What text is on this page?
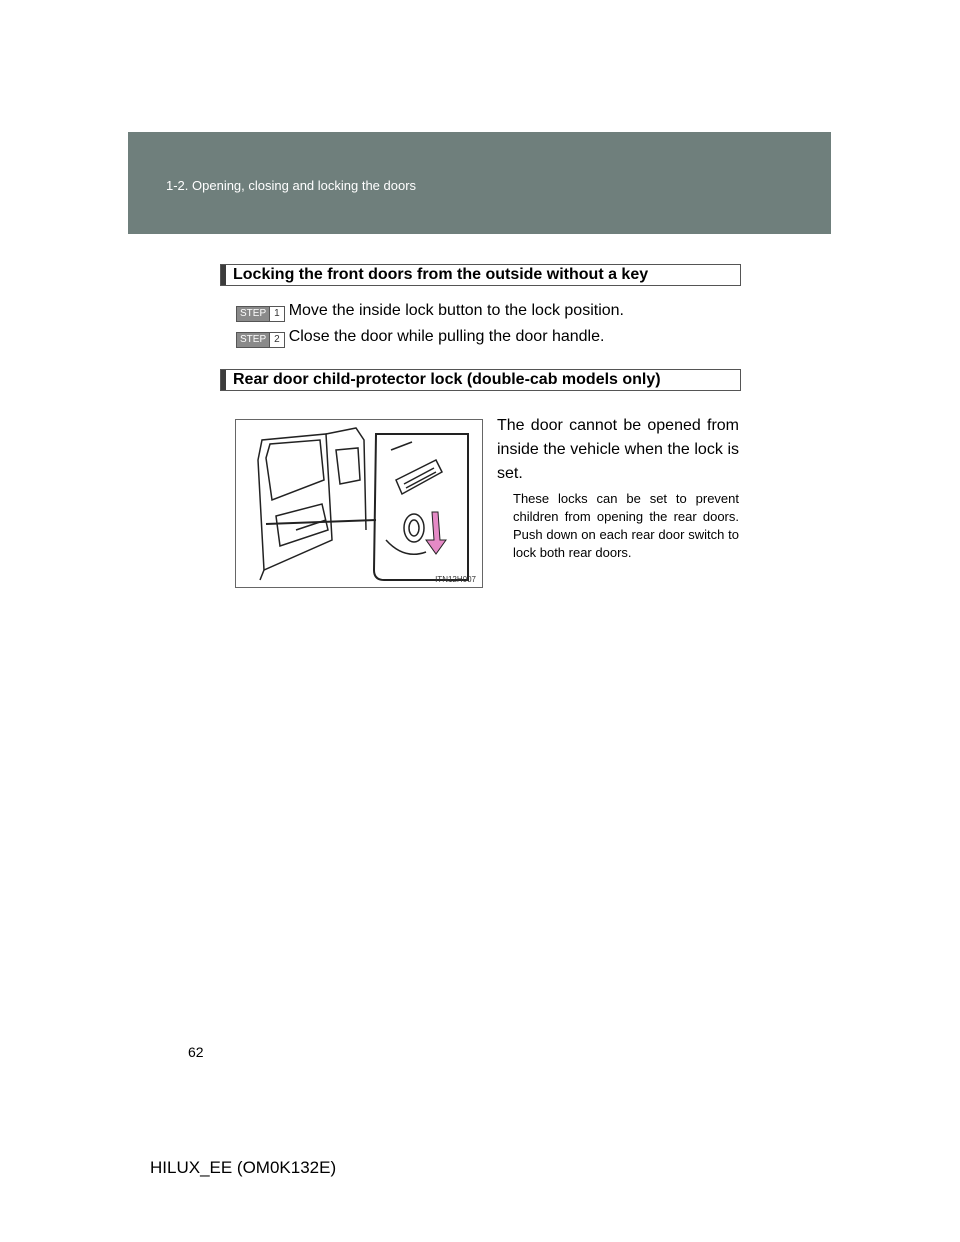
1-2. Opening, closing and locking the doors
Locking the front doors from the outside without a key
STEP 1 Move the inside lock button to the lock position.
STEP 2 Close the door while pulling the door handle.
Rear door child-protector lock (double-cab models only)
ITN12H007
The door cannot be opened from inside the vehicle when the lock is set.
These locks can be set to prevent children from opening the rear doors. Push down on each rear door switch to lock both rear doors.
62
HILUX_EE (OM0K132E)
